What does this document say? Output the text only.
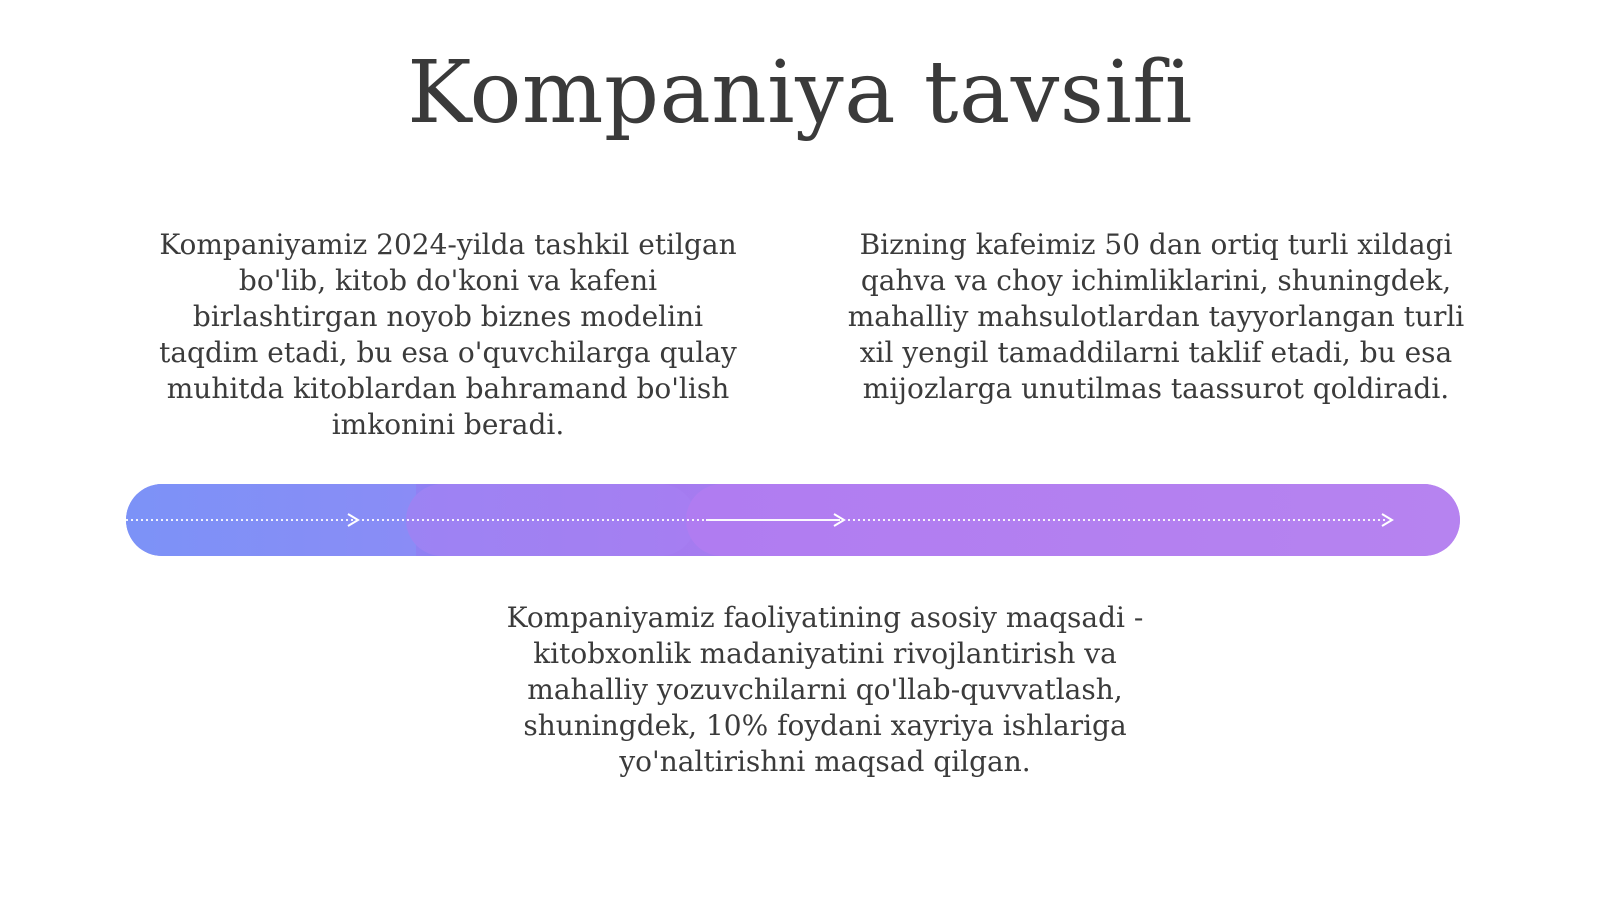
Kompaniya tavsifi

Kompaniyamiz 2024-yilda tashkil etilgan bo'lib, kitob do'koni va kafeni birlashtirgan noyob biznes modelini taqdim etadi, bu esa o'quvchilarga qulay muhitda kitoblardan bahramand bo'lish imkonini beradi.

Bizning kafeimiz 50 dan ortiq turli xildagi qahva va choy ichimliklarini, shuningdek, mahalliy mahsulotlardan tayyorlangan turli xil yengil tamaddilarni taklif etadi, bu esa mijozlarga unutilmas taassurot qoldiradi.

Kompaniyamiz faoliyatining asosiy maqsadi - kitobxonlik madaniyatini rivojlantirish va mahalliy yozuvchilarni qo'llab-quvvatlash, shuningdek, 10% foydani xayriya ishlariga yo'naltirishni maqsad qilgan.
